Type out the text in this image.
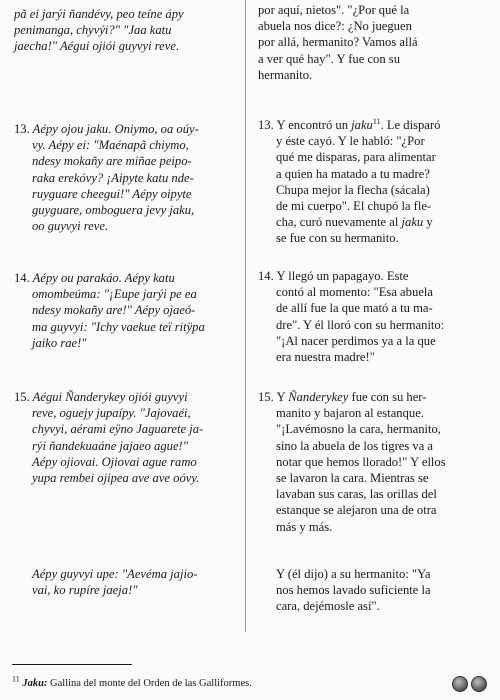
pã ei jarýi ñandévy, peo teíne ápy
penimanga, chyvýi?" "Jaa katu
jaecha!" Aégui ojiói guyvyi reve.
por aquí, nietos". "¿Por qué la
abuela nos dice?: ¿No jueguen
por allá, hermanito? Vamos allá
a ver qué hay". Y fue con su
hermanito.
13. Aépy ojou jaku. Oniymo, oa oúy-
vy. Aépy ei: "Maénapã chiymo,
ndesy mokañy are miñae peipo-
raka erekóvy? ¡Aipyte katu nde-
ruyguare cheegui!" Aépy oipyte
guyguare, omboguera jevy jaku,
oo guyvyi reve.
13. Y encontró un jaku$^{11}$. Le disparó
y éste cayó. Y le habló: "¿Por
qué me disparas, para alimentar
a quien ha matado a tu madre?
Chupa mejor la flecha (sácala)
de mi cuerpo". El chupó la fle-
cha, curó nuevamente al jaku y
se fue con su hermanito.
14. Aépy ou parakáo. Aépy katu
omombeúma: "¡Eupe jarýi pe ea
ndesy mokañy are!" Aépy ojaeó-
ma guyvyi: "Ichy vaekue teï ritÿpa
jaiko rae!"
14. Y llegó un papagayo. Este
contó al momento: "Esa abuela
de allí fue la que mató a tu ma-
dre". Y él lloró con su hermanito:
"¡Al nacer perdimos ya a la que
era nuestra madre!"
15. Aégui Ñanderykey ojiói guyvyi
reve, oguejy jupaípy. "Jajovaéi,
chyvyi, aérami eÿno Jaguarete ja-
rýi ñandekuaáne jajaeo ague!"
Aépy ojiovai. Ojiovai ague ramo
yupa rembei ojipea ave ave oóvy.
15. Y Ñanderykey fue con su her-
manito y bajaron al estanque.
"¡Lavémosno la cara, hermanito,
sino la abuela de los tigres va a
notar que hemos llorado!" Y ellos
se lavaron la cara. Mientras se
lavaban sus caras, las orillas del
estanque se alejaron una de otra
más y más.
Aépy guyvyi upe: "Aevéma jajio-
vai, ko rupíre jaeja!"
Y (él dijo) a su hermanito: "Ya
nos hemos lavado suficiente la
cara, dejémosle así".
$^{11}$ Jaku: Gallina del monte del Orden de las Galliformes.
